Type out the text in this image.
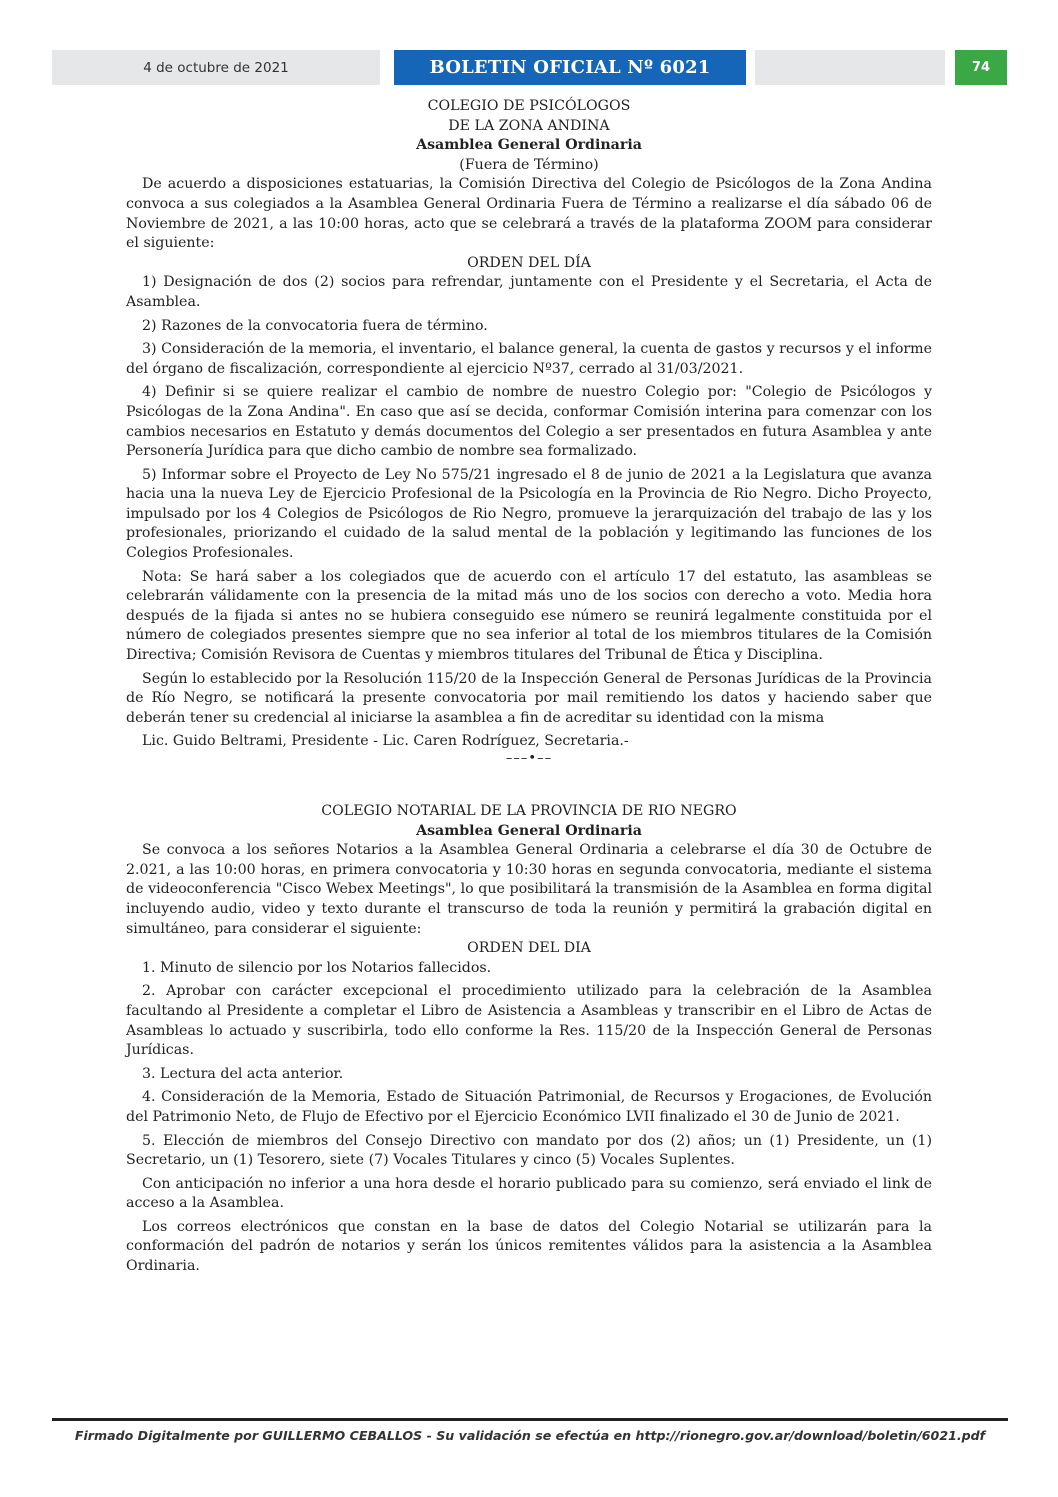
4 de octubre de 2021	BOLETIN OFICIAL Nº 6021	74
COLEGIO DE PSICÓLOGOS
DE LA ZONA ANDINA
Asamblea General Ordinaria
(Fuera de Término)

De acuerdo a disposiciones estatuarias, la Comisión Directiva del Colegio de Psicólogos de la Zona Andina convoca a sus colegiados a la Asamblea General Ordinaria Fuera de Término a realizarse el día sábado 06 de Noviembre de 2021, a las 10:00 horas, acto que se celebrará a través de la plataforma ZOOM para considerar el siguiente:

ORDEN DEL DÍA

1) Designación de dos (2) socios para refrendar, juntamente con el Presidente y el Secretaria, el Acta de Asamblea.

2) Razones de la convocatoria fuera de término.

3) Consideración de la memoria, el inventario, el balance general, la cuenta de gastos y recursos y el informe del órgano de fiscalización, correspondiente al ejercicio Nº37, cerrado al 31/03/2021.

4) Definir si se quiere realizar el cambio de nombre de nuestro Colegio por: "Colegio de Psicólogos y Psicólogas de la Zona Andina". En caso que así se decida, conformar Comisión interina para comenzar con los cambios necesarios en Estatuto y demás documentos del Colegio a ser presentados en futura Asamblea y ante Personería Jurídica para que dicho cambio de nombre sea formalizado.

5) Informar sobre el Proyecto de Ley No 575/21 ingresado el 8 de junio de 2021 a la Legislatura que avanza hacia una la nueva Ley de Ejercicio Profesional de la Psicología en la Provincia de Rio Negro. Dicho Proyecto, impulsado por los 4 Colegios de Psicólogos de Rio Negro, promueve la jerarquización del trabajo de las y los profesionales, priorizando el cuidado de la salud mental de la población y legitimando las funciones de los Colegios Profesionales.

Nota: Se hará saber a los colegiados que de acuerdo con el artículo 17 del estatuto, las asambleas se celebrarán válidamente con la presencia de la mitad más uno de los socios con derecho a voto. Media hora después de la fijada si antes no se hubiera conseguido ese número se reunirá legalmente constituida por el número de colegiados presentes siempre que no sea inferior al total de los miembros titulares de la Comisión Directiva; Comisión Revisora de Cuentas y miembros titulares del Tribunal de Ética y Disciplina.

Según lo establecido por la Resolución 115/20 de la Inspección General de Personas Jurídicas de la Provincia de Río Negro, se notificará la presente convocatoria por mail remitiendo los datos y haciendo saber que deberán tener su credencial al iniciarse la asamblea a fin de acreditar su identidad con la misma

Lic. Guido Beltrami, Presidente - Lic. Caren Rodríguez, Secretaria.-

–––•––
COLEGIO NOTARIAL DE LA PROVINCIA DE RIO NEGRO
Asamblea General Ordinaria

Se convoca a los señores Notarios a la Asamblea General Ordinaria a celebrarse el día 30 de Octubre de 2.021, a las 10:00 horas, en primera convocatoria y 10:30 horas en segunda convocatoria, mediante el sistema de videoconferencia "Cisco Webex Meetings", lo que posibilitará la transmisión de la Asamblea en forma digital incluyendo audio, video y texto durante el transcurso de toda la reunión y permitirá la grabación digital en simultáneo, para considerar el siguiente:

ORDEN DEL DIA

1. Minuto de silencio por los Notarios fallecidos.

2. Aprobar con carácter excepcional el procedimiento utilizado para la celebración de la Asamblea facultando al Presidente a completar el Libro de Asistencia a Asambleas y transcribir en el Libro de Actas de Asambleas lo actuado y suscribirla, todo ello conforme la Res. 115/20 de la Inspección General de Personas Jurídicas.

3. Lectura del acta anterior.

4. Consideración de la Memoria, Estado de Situación Patrimonial, de Recursos y Erogaciones, de Evolución del Patrimonio Neto, de Flujo de Efectivo por el Ejercicio Económico LVII finalizado el 30 de Junio de 2021.

5. Elección de miembros del Consejo Directivo con mandato por dos (2) años; un (1) Presidente, un (1) Secretario, un (1) Tesorero, siete (7) Vocales Titulares y cinco (5) Vocales Suplentes.

Con anticipación no inferior a una hora desde el horario publicado para su comienzo, será enviado el link de acceso a la Asamblea.

Los correos electrónicos que constan en la base de datos del Colegio Notarial se utilizarán para la conformación del padrón de notarios y serán los únicos remitentes válidos para la asistencia a la Asamblea Ordinaria.

Firmado Digitalmente por GUILLERMO CEBALLOS - Su validación se efectúa en http://rionegro.gov.ar/download/boletin/6021.pdf
